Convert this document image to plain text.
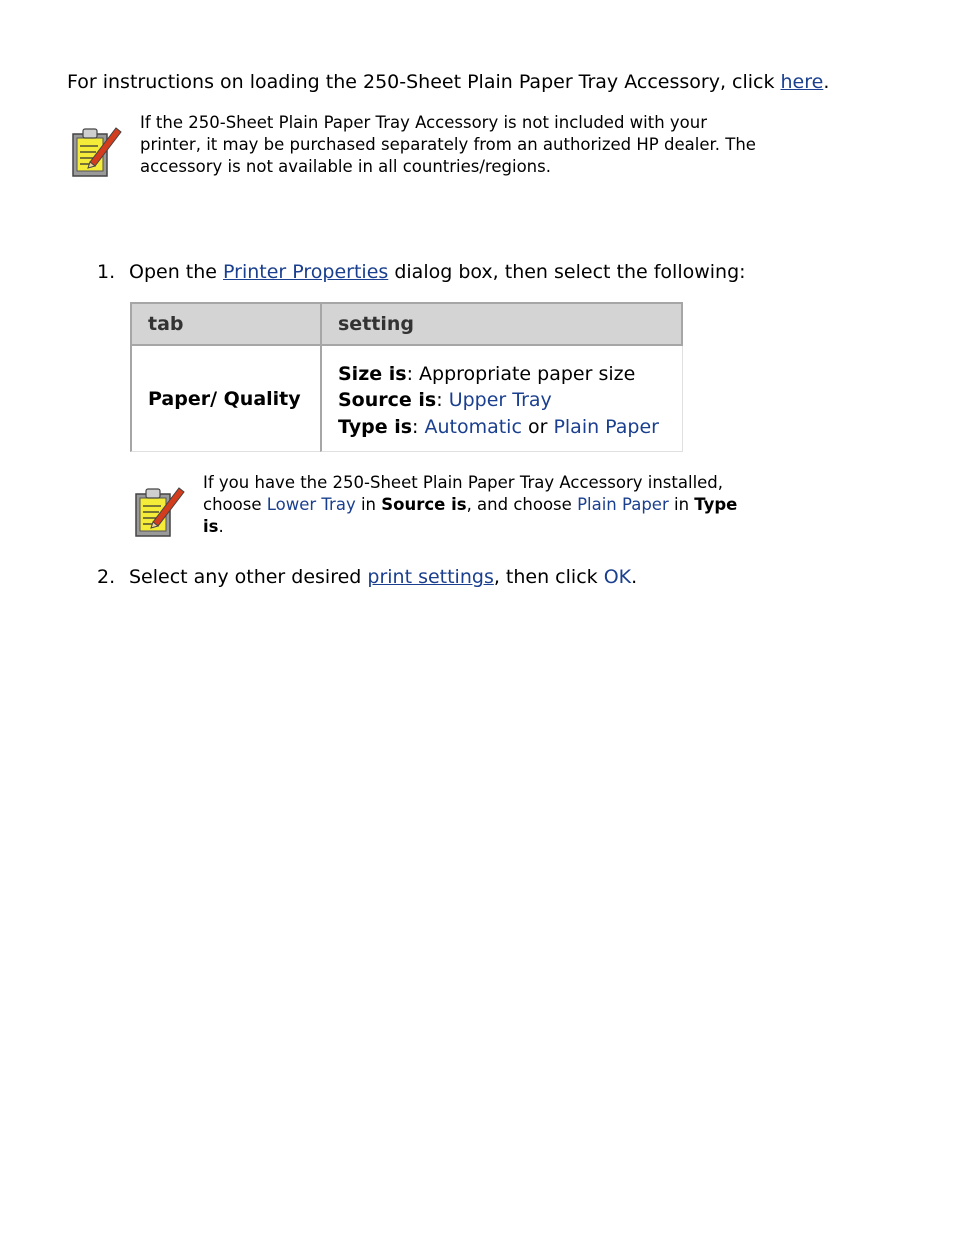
For instructions on loading the 250-Sheet Plain Paper Tray Accessory, click here.
If the 250-Sheet Plain Paper Tray Accessory is not included with your printer, it may be purchased separately from an authorized HP dealer. The accessory is not available in all countries/regions.
1. Open the Printer Properties dialog box, then select the following:
tab	setting
Paper/ Quality	Size is: Appropriate paper size
Source is: Upper Tray
Type is: Automatic or Plain Paper
If you have the 250-Sheet Plain Paper Tray Accessory installed, choose Lower Tray in Source is, and choose Plain Paper in Type is.
2. Select any other desired print settings, then click OK.
